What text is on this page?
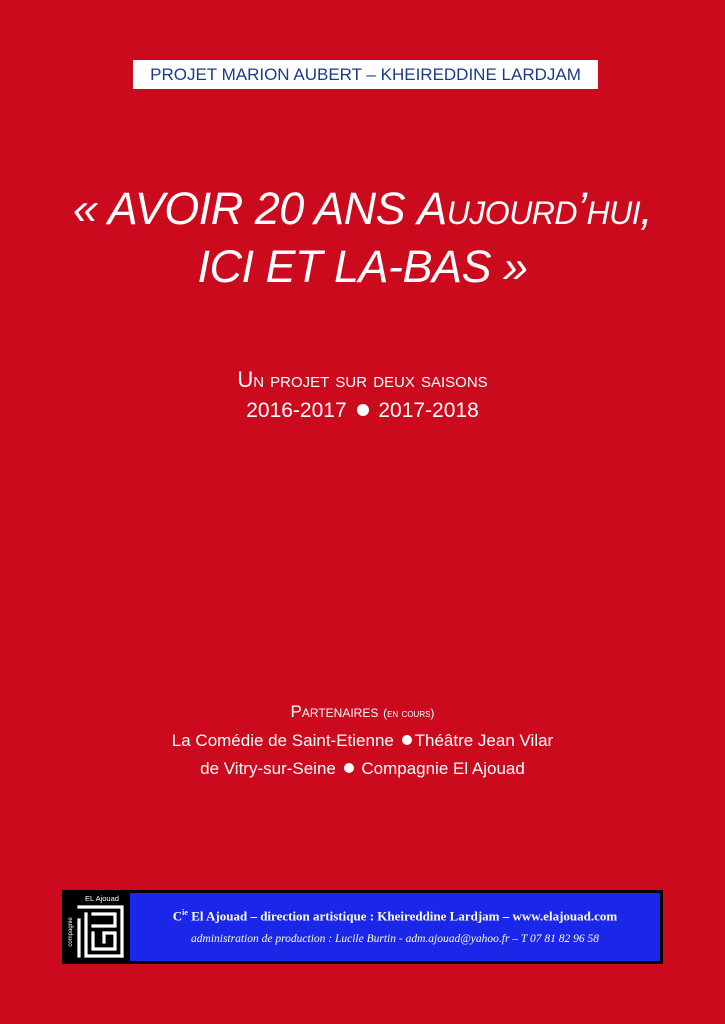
PROJET MARION AUBERT – KHEIREDDINE LARDJAM
« AVOIR 20 ANS Aujourd’hui,
ICI ET LA-BAS »
Un projet sur deux saisons
2016-2017 2017-2018
Partenaires (en cours)
La Comédie de Saint-Etienne Théâtre Jean Vilar
de Vitry-sur-Seine Compagnie El Ajouad
EL Ajouad
compagnie
$C^{ie}$ El Ajouad – direction artistique : Kheireddine Lardjam – www.elajouad.com
administration de production : Lucile Burtin - adm.ajouad@yahoo.fr – T 07 81 82 96 58
